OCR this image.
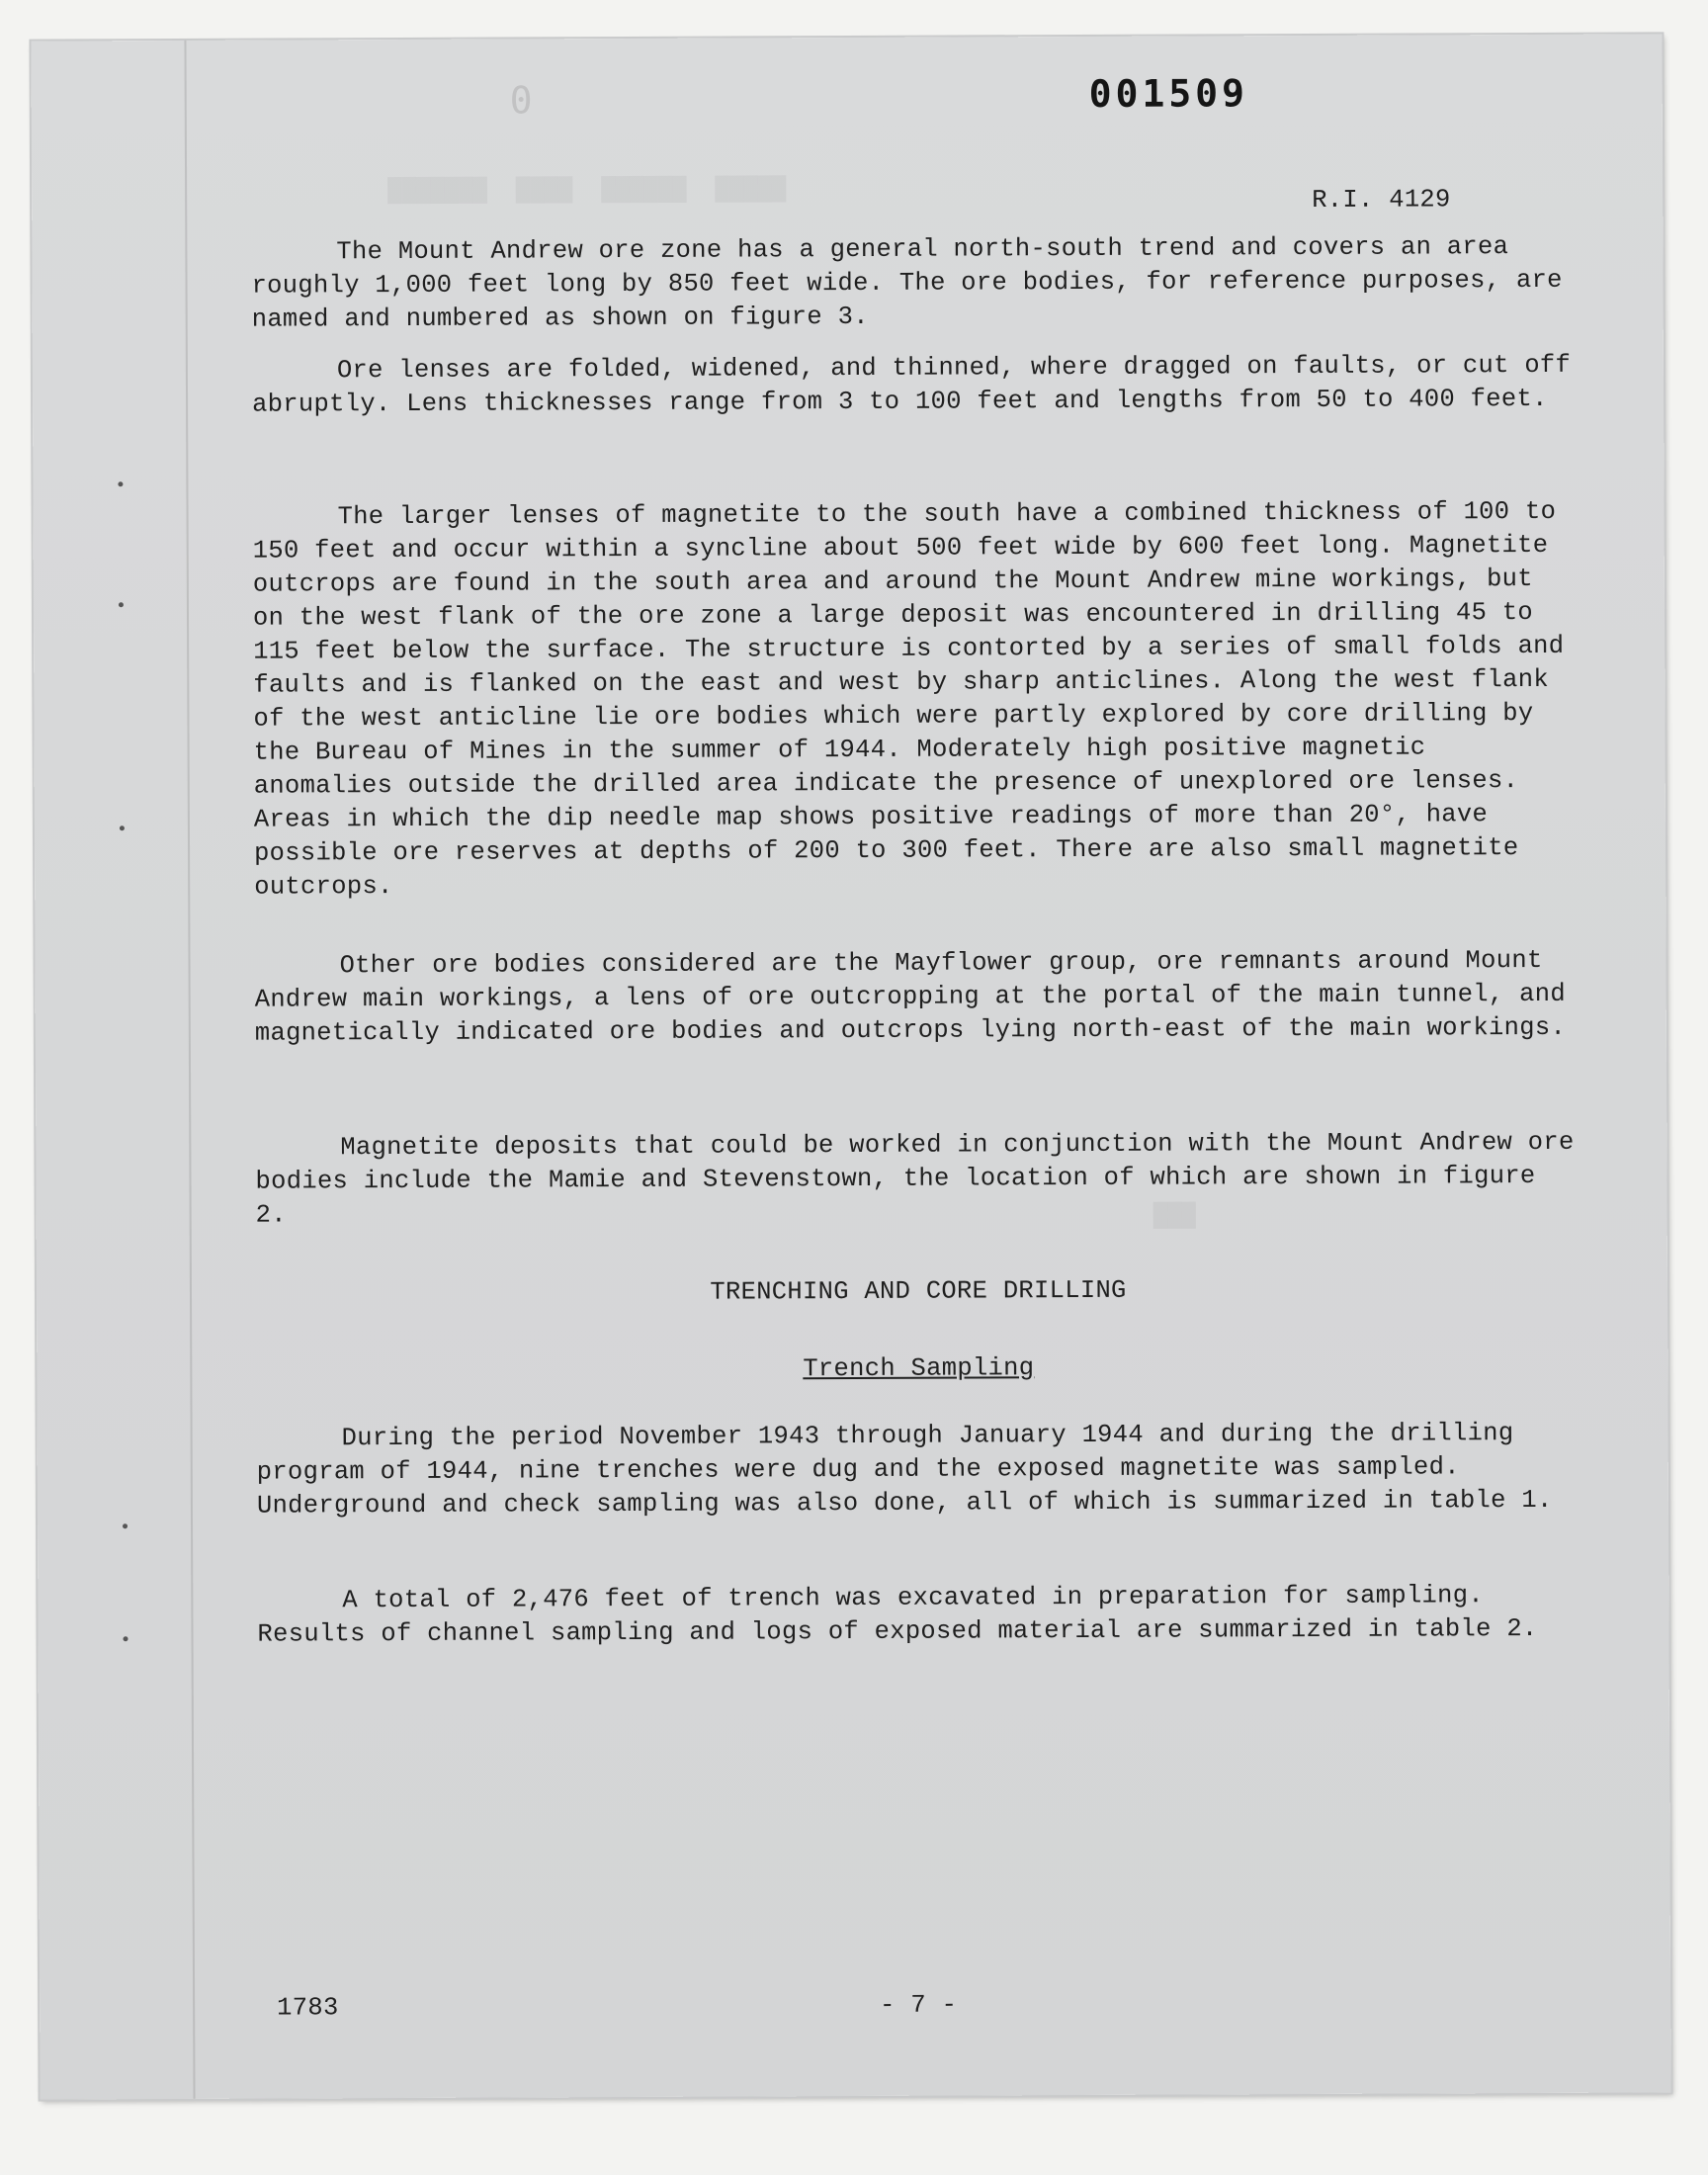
█████  ██████  ████  ███████
███
0	001509
R.I. 4129

The Mount Andrew ore zone has a general north-south trend and covers an area roughly 1,000 feet long by 850 feet wide. The ore bodies, for reference purposes, are named and numbered as shown on figure 3.

Ore lenses are folded, widened, and thinned, where dragged on faults, or cut off abruptly. Lens thicknesses range from 3 to 100 feet and lengths from 50 to 400 feet.

The larger lenses of magnetite to the south have a combined thickness of 100 to 150 feet and occur within a syncline about 500 feet wide by 600 feet long. Magnetite outcrops are found in the south area and around the Mount Andrew mine workings, but on the west flank of the ore zone a large deposit was encountered in drilling 45 to 115 feet below the surface. The structure is contorted by a series of small folds and faults and is flanked on the east and west by sharp anticlines. Along the west flank of the west anticline lie ore bodies which were partly explored by core drilling by the Bureau of Mines in the summer of 1944. Moderately high positive magnetic anomalies outside the drilled area indicate the presence of unexplored ore lenses. Areas in which the dip needle map shows positive readings of more than 20°, have possible ore reserves at depths of 200 to 300 feet. There are also small magnetite outcrops.

Other ore bodies considered are the Mayflower group, ore remnants around Mount Andrew main workings, a lens of ore outcropping at the portal of the main tunnel, and magnetically indicated ore bodies and outcrops lying north-east of the main workings.

Magnetite deposits that could be worked in conjunction with the Mount Andrew ore bodies include the Mamie and Stevenstown, the location of which are shown in figure 2.

TRENCHING AND CORE DRILLING
Trench Sampling

During the period November 1943 through January 1944 and during the drilling program of 1944, nine trenches were dug and the exposed magnetite was sampled. Underground and check sampling was also done, all of which is summarized in table 1.

A total of 2,476 feet of trench was excavated in preparation for sampling. Results of channel sampling and logs of exposed material are summarized in table 2.

1783	- 7 -
